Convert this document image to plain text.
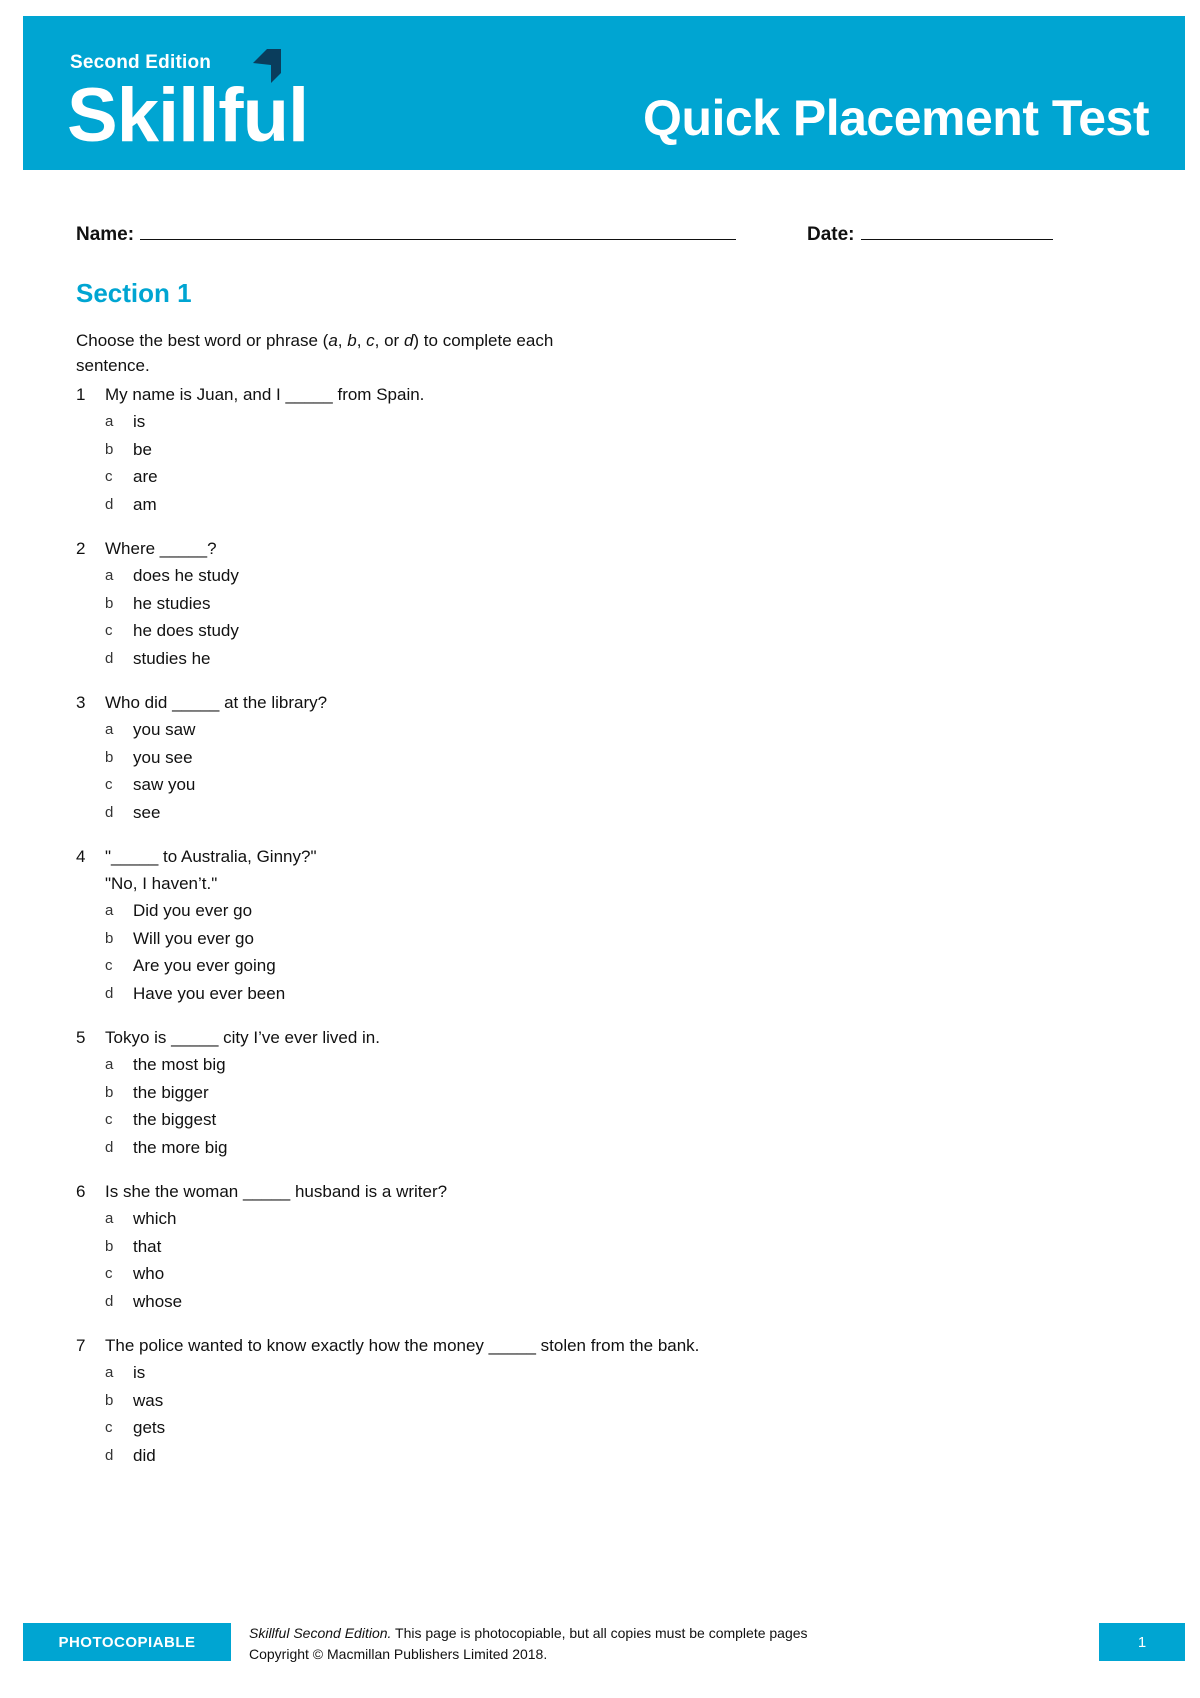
Second Edition
Skillful	Quick Placement Test
Name:	Date:
Section 1
Choose the best word or phrase (a, b, c, or d) to complete each sentence.
1	My name is Juan, and I _____ from Spain.
a	is
b	be
c	are
d	am
2	Where _____?
a	does he study
b	he studies
c	he does study
d	studies he
3	Who did _____ at the library?
a	you saw
b	you see
c	saw you
d	see
4	"_____ to Australia, Ginny?"
"No, I haven’t."
a	Did you ever go
b	Will you ever go
c	Are you ever going
d	Have you ever been
5	Tokyo is _____ city I’ve ever lived in.
a	the most big
b	the bigger
c	the biggest
d	the more big
6	Is she the woman _____ husband is a writer?
a	which
b	that
c	who
d	whose
7	The police wanted to know exactly how the money _____ stolen from the bank.
a	is
b	was
c	gets
d	did
PHOTOCOPIABLE
Skillful Second Edition. This page is photocopiable, but all copies must be complete pages
Copyright © Macmillan Publishers Limited 2018.
1
